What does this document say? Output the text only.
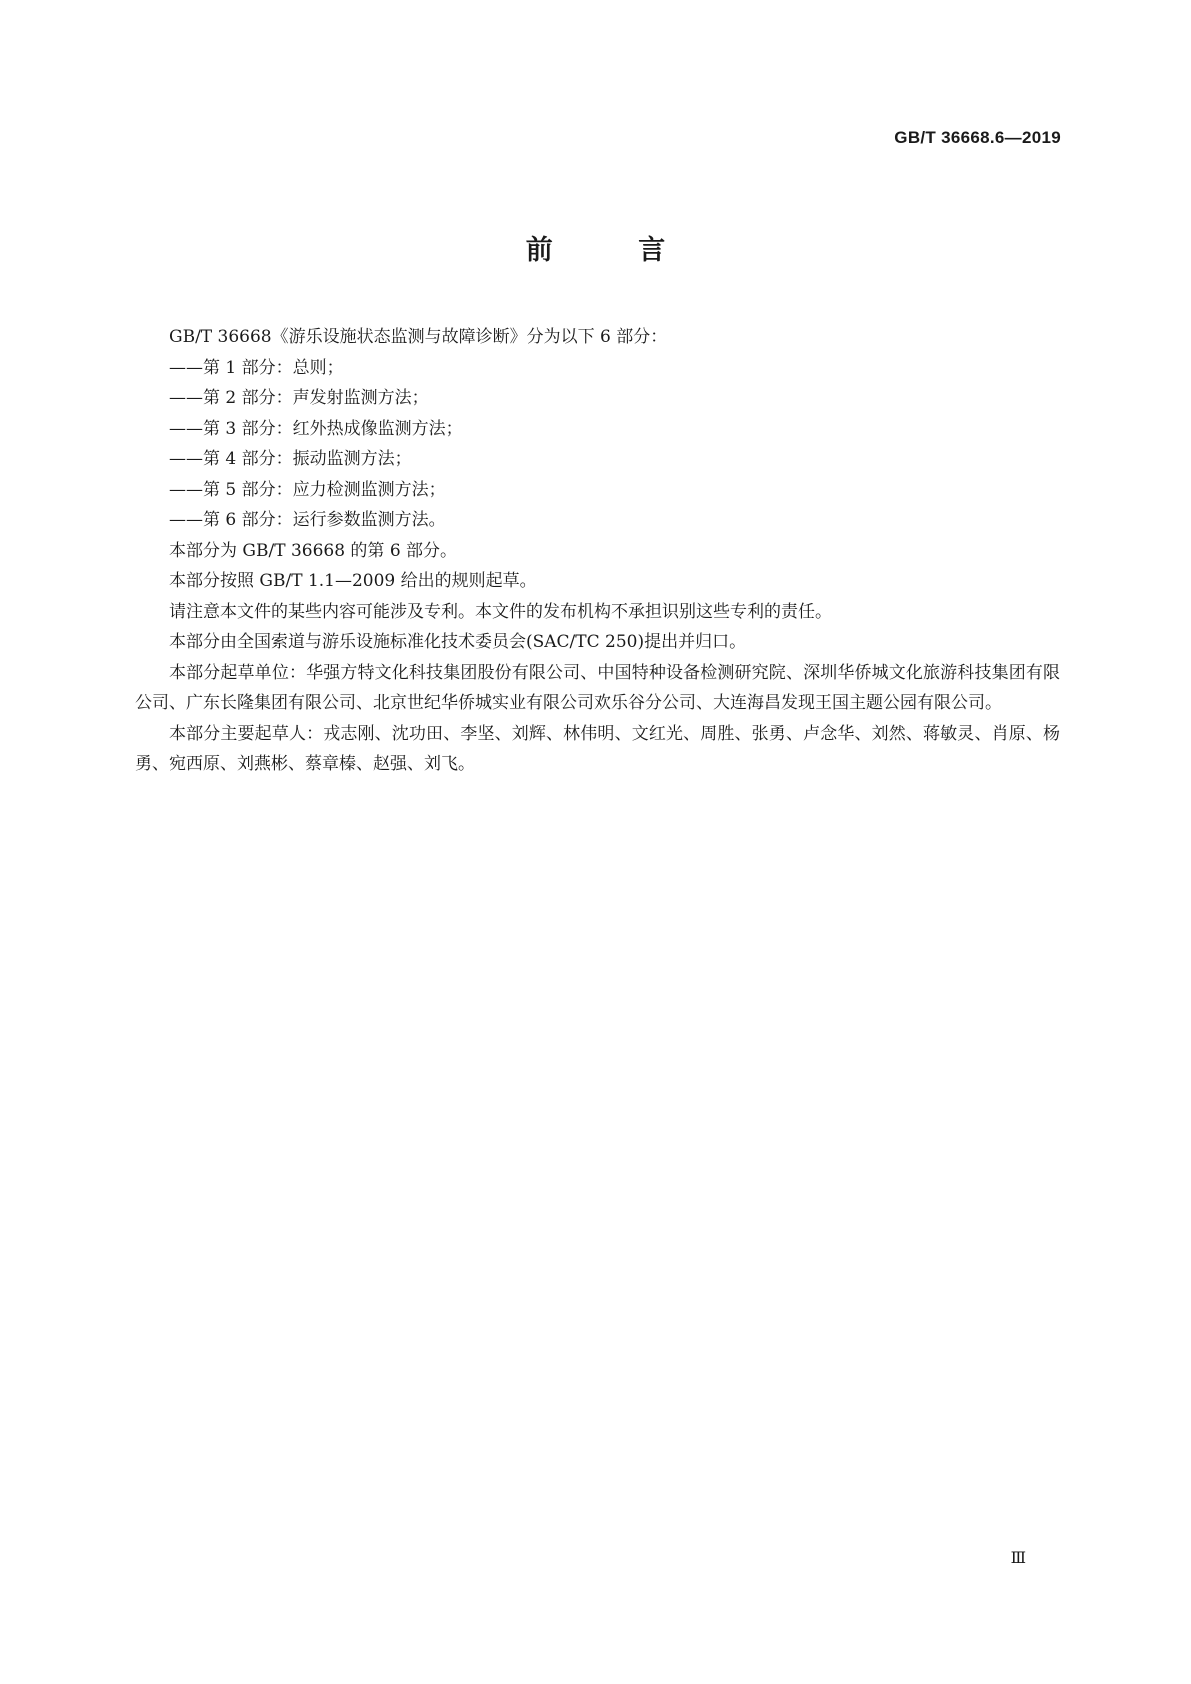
GB/T 36668.6—2019
前 言

GB/T 36668《游乐设施状态监测与故障诊断》分为以下 6 部分：

——第 1 部分：总则；

——第 2 部分：声发射监测方法；

——第 3 部分：红外热成像监测方法；

——第 4 部分：振动监测方法；

——第 5 部分：应力检测监测方法；

——第 6 部分：运行参数监测方法。

本部分为 GB/T 36668 的第 6 部分。

本部分按照 GB/T 1.1—2009 给出的规则起草。

请注意本文件的某些内容可能涉及专利。本文件的发布机构不承担识别这些专利的责任。

本部分由全国索道与游乐设施标准化技术委员会(SAC/TC 250)提出并归口。

本部分起草单位：华强方特文化科技集团股份有限公司、中国特种设备检测研究院、深圳华侨城文化旅游科技集团有限公司、广东长隆集团有限公司、北京世纪华侨城实业有限公司欢乐谷分公司、大连海昌发现王国主题公园有限公司。

本部分主要起草人：戎志刚、沈功田、李坚、刘辉、林伟明、文红光、周胜、张勇、卢念华、刘然、蒋敏灵、肖原、杨勇、宛西原、刘燕彬、蔡章榛、赵强、刘飞。

Ⅲ
